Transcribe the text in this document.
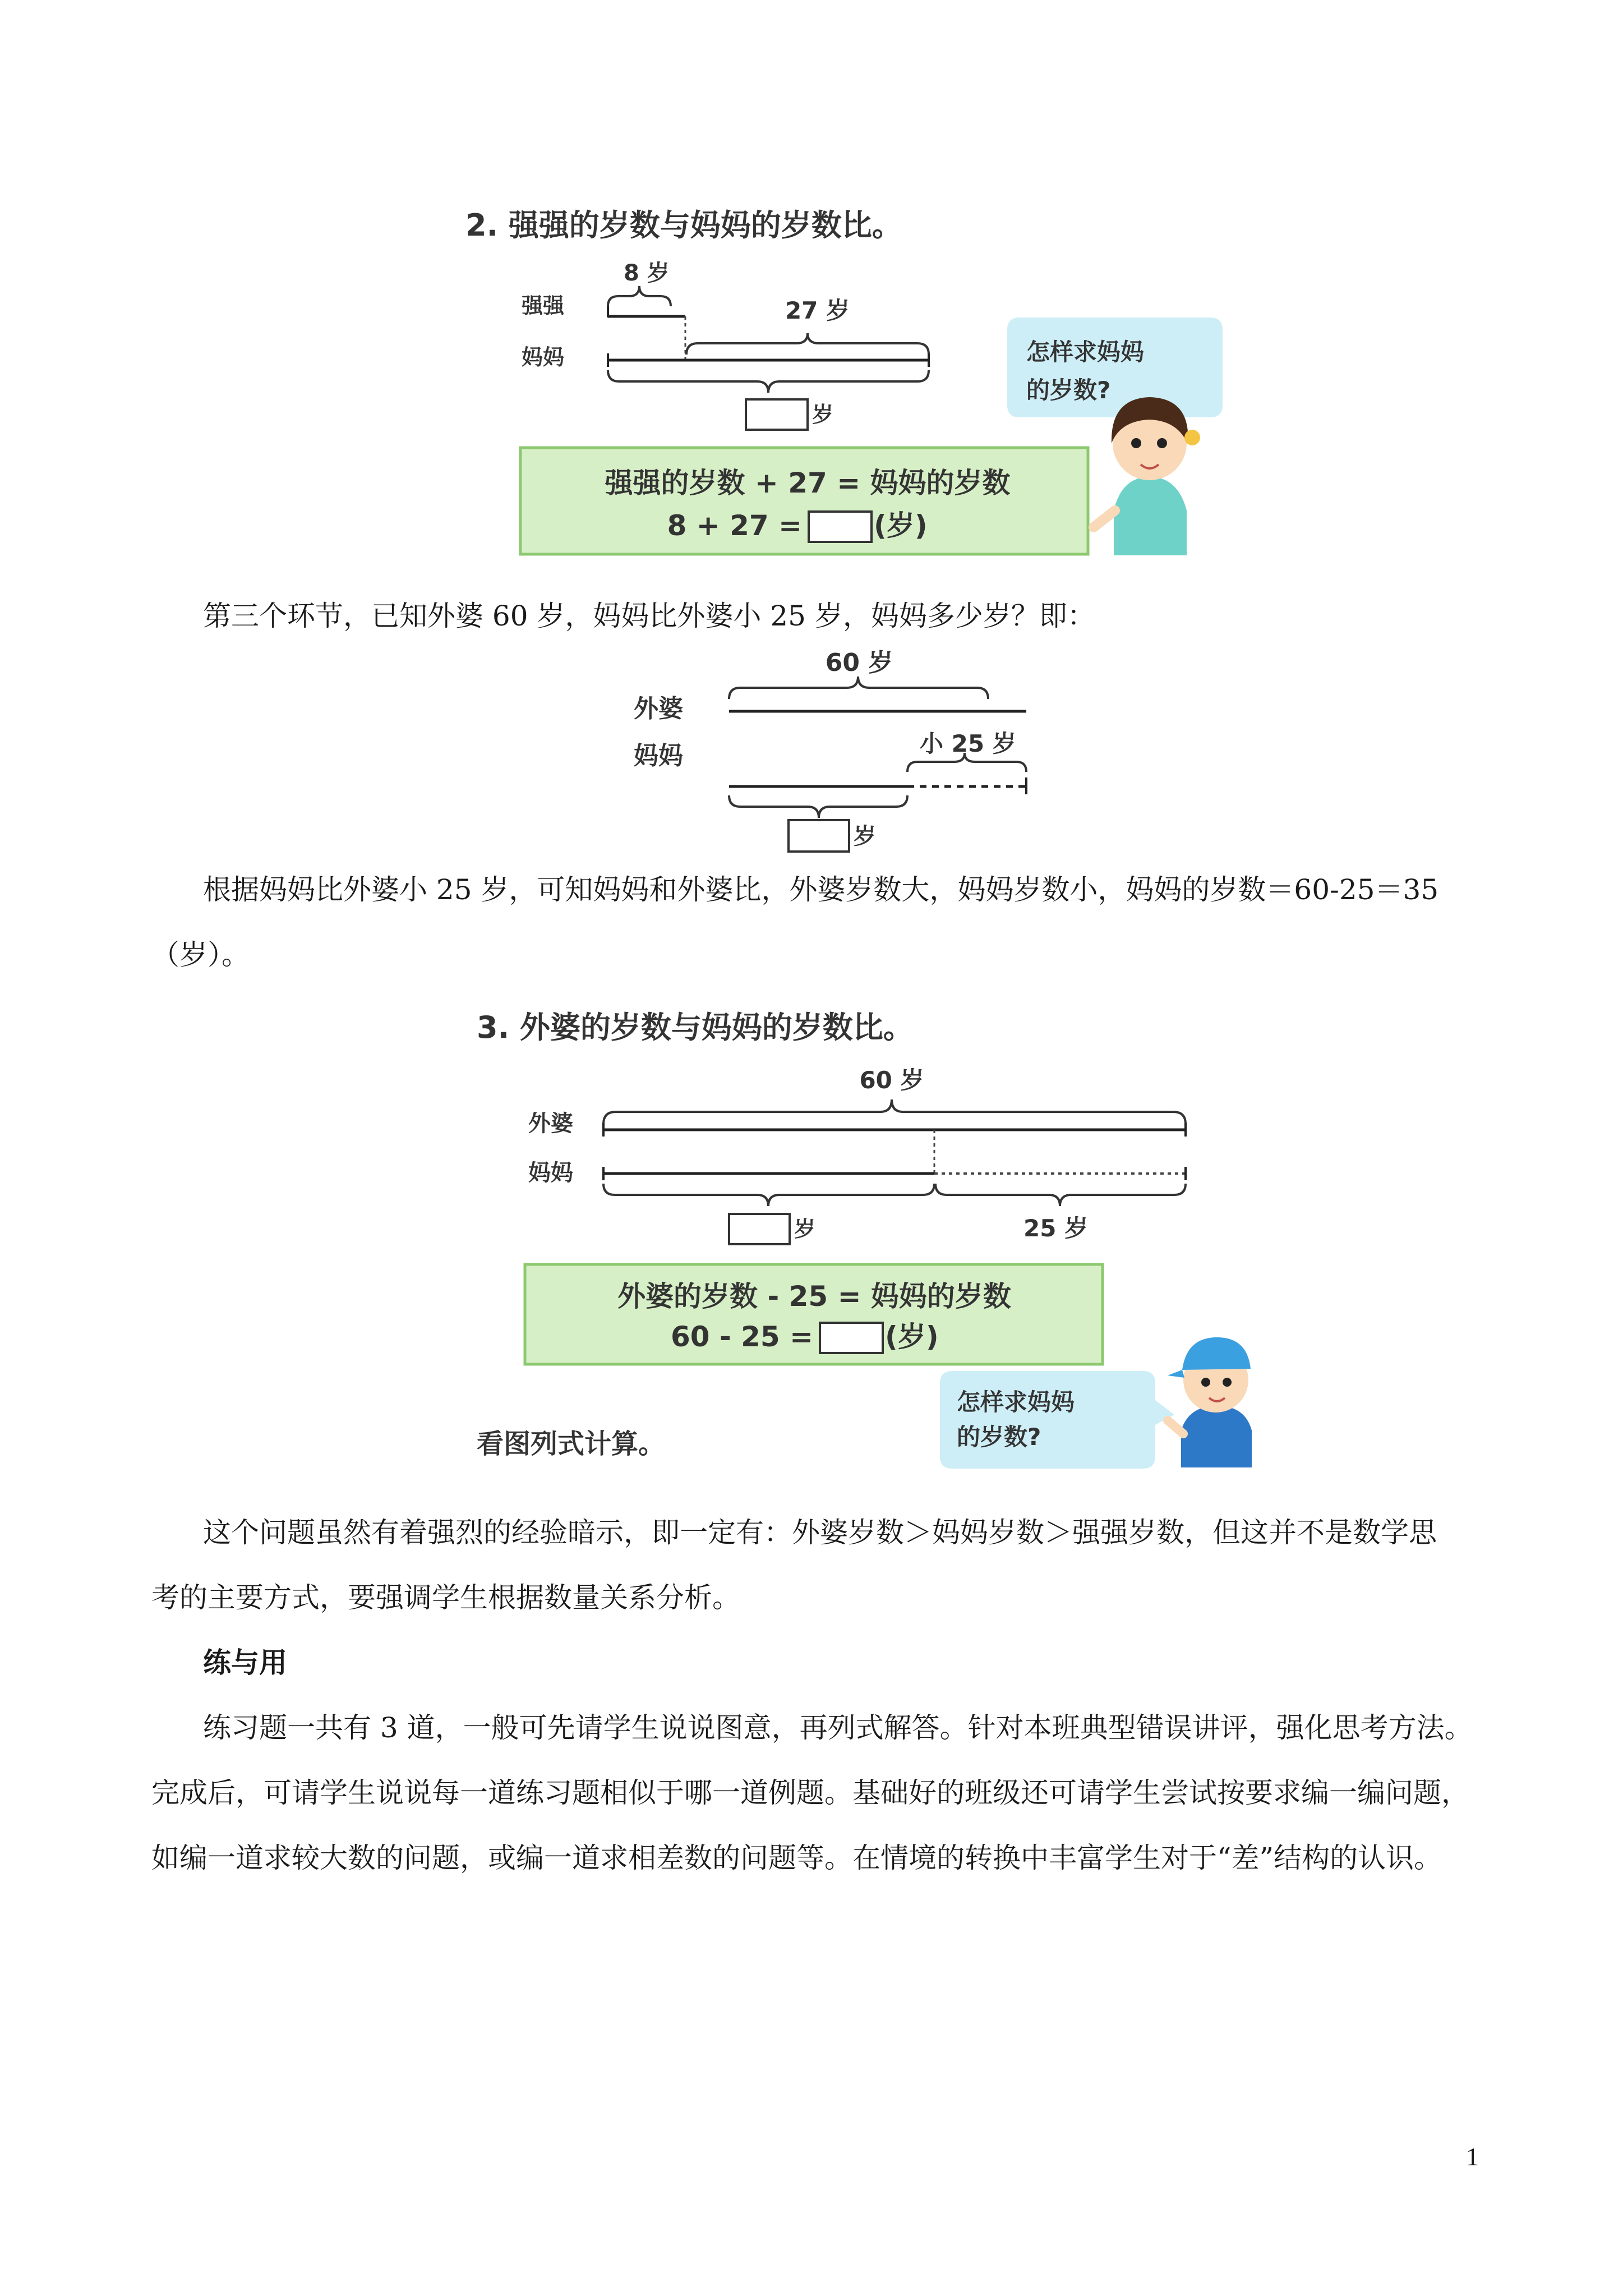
2. 强强的岁数与妈妈的岁数比。
8 岁
强强	27 岁
妈妈
岁
怎样求妈妈
的岁数?
强强的岁数 + 27 = 妈妈的岁数
8 + 27 =	(岁)
第三个环节，已知外婆 60 岁，妈妈比外婆小 25 岁，妈妈多少岁？即：
60 岁
外婆
小 25 岁
妈妈
岁
根据妈妈比外婆小 25 岁，可知妈妈和外婆比，外婆岁数大，妈妈岁数小，妈妈的岁数＝60-25＝35
（岁）。
3. 外婆的岁数与妈妈的岁数比。
60 岁
外婆
妈妈
岁	25 岁
外婆的岁数 - 25 = 妈妈的岁数
60 - 25 =	(岁)
怎样求妈妈
的岁数?
看图列式计算。
这个问题虽然有着强烈的经验暗示，即一定有：外婆岁数＞妈妈岁数＞强强岁数，但这并不是数学思
考的主要方式，要强调学生根据数量关系分析。
练与用
练习题一共有 3 道，一般可先请学生说说图意，再列式解答。针对本班典型错误讲评，强化思考方法。
完成后，可请学生说说每一道练习题相似于哪一道例题。基础好的班级还可请学生尝试按要求编一编问题，
如编一道求较大数的问题，或编一道求相差数的问题等。在情境的转换中丰富学生对于“差”结构的认识。
1
